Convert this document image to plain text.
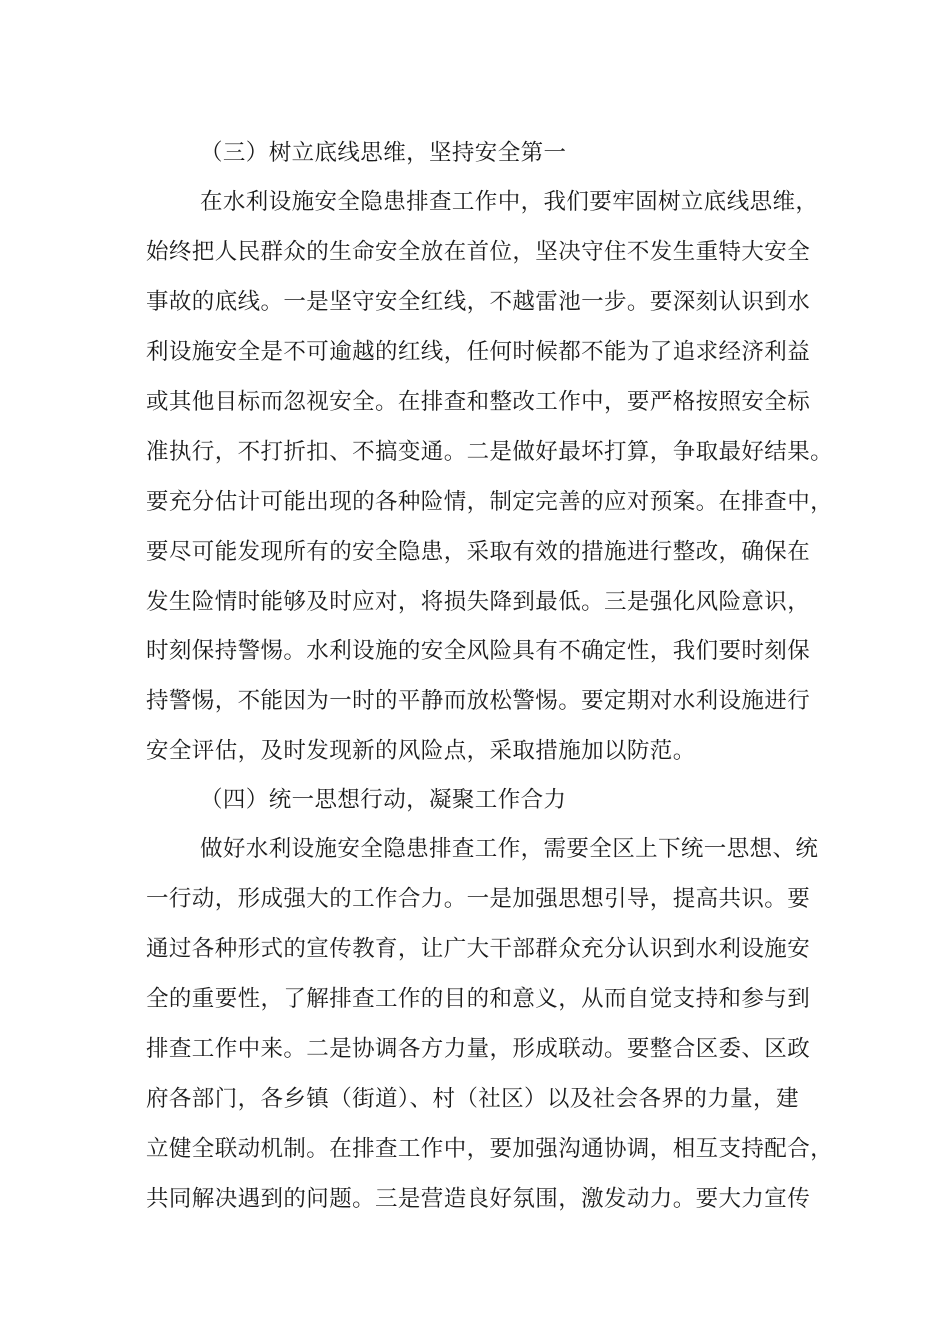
（三）树立底线思维，坚持安全第一
在水利设施安全隐患排查工作中，我们要牢固树立底线思维，
始终把人民群众的生命安全放在首位，坚决守住不发生重特大安全
事故的底线。一是坚守安全红线，不越雷池一步。要深刻认识到水
利设施安全是不可逾越的红线，任何时候都不能为了追求经济利益
或其他目标而忽视安全。在排查和整改工作中，要严格按照安全标
准执行，不打折扣、不搞变通。二是做好最坏打算，争取最好结果。
要充分估计可能出现的各种险情，制定完善的应对预案。在排查中，
要尽可能发现所有的安全隐患，采取有效的措施进行整改，确保在
发生险情时能够及时应对，将损失降到最低。三是强化风险意识，
时刻保持警惕。水利设施的安全风险具有不确定性，我们要时刻保
持警惕，不能因为一时的平静而放松警惕。要定期对水利设施进行
安全评估，及时发现新的风险点，采取措施加以防范。
（四）统一思想行动，凝聚工作合力
做好水利设施安全隐患排查工作，需要全区上下统一思想、统
一行动，形成强大的工作合力。一是加强思想引导，提高共识。要
通过各种形式的宣传教育，让广大干部群众充分认识到水利设施安
全的重要性，了解排查工作的目的和意义，从而自觉支持和参与到
排查工作中来。二是协调各方力量，形成联动。要整合区委、区政
府各部门，各乡镇（街道）、村（社区）以及社会各界的力量，建
立健全联动机制。在排查工作中，要加强沟通协调，相互支持配合，
共同解决遇到的问题。三是营造良好氛围，激发动力。要大力宣传
